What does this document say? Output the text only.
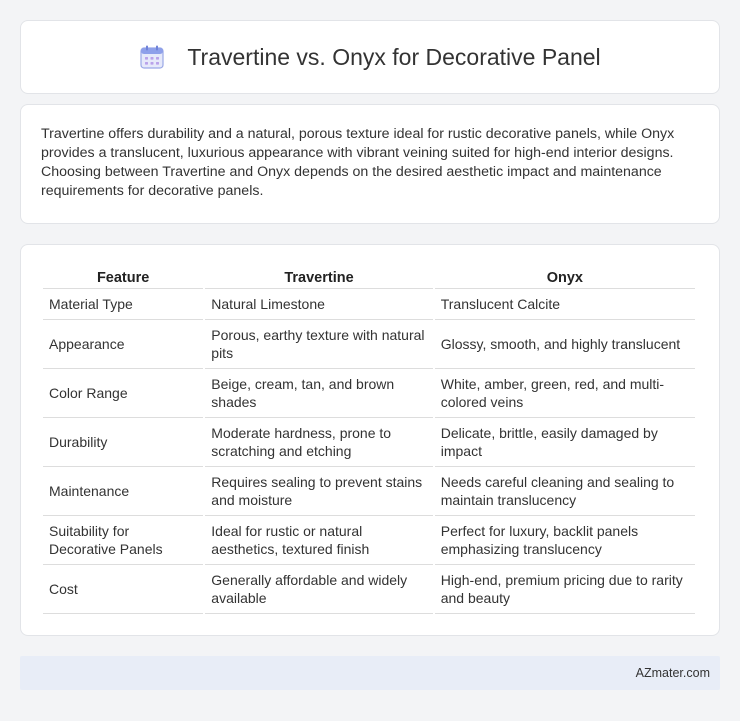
Travertine vs. Onyx for Decorative Panel

Travertine offers durability and a natural, porous texture ideal for rustic decorative panels, while Onyx provides a translucent, luxurious appearance with vibrant veining suited for high-end interior designs. Choosing between Travertine and Onyx depends on the desired aesthetic impact and maintenance requirements for decorative panels.

Feature	Travertine	Onyx
Material Type	Natural Limestone	Translucent Calcite
Appearance	Porous, earthy texture with natural pits	Glossy, smooth, and highly translucent
Color Range	Beige, cream, tan, and brown shades	White, amber, green, red, and multi-colored veins
Durability	Moderate hardness, prone to scratching and etching	Delicate, brittle, easily damaged by impact
Maintenance	Requires sealing to prevent stains and moisture	Needs careful cleaning and sealing to maintain translucency
Suitability for Decorative Panels	Ideal for rustic or natural aesthetics, textured finish	Perfect for luxury, backlit panels emphasizing translucency
Cost	Generally affordable and widely available	High-end, premium pricing due to rarity and beauty
AZmater.com
